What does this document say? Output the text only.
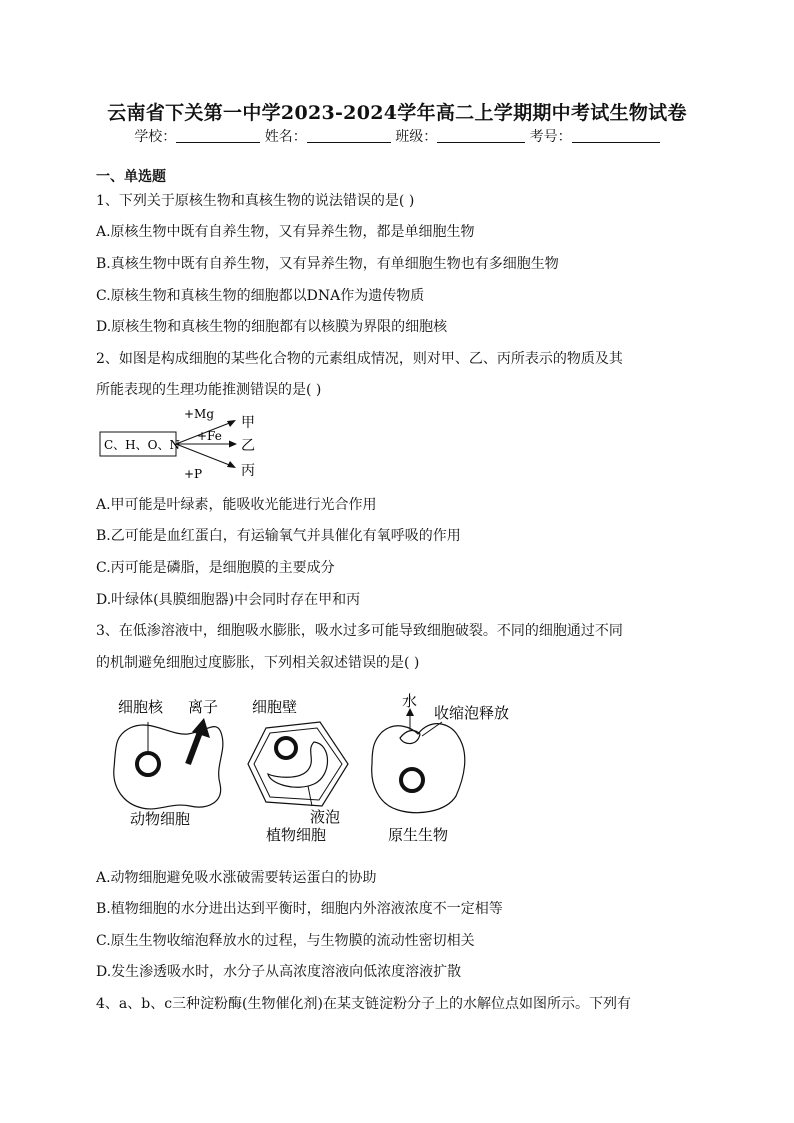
云南省下关第一中学2023-2024学年高二上学期期中考试生物试卷
学校：	姓名：	班级：	考号：
一、单选题
1、下列关于原核生物和真核生物的说法错误的是( )
A.原核生物中既有自养生物，又有异养生物，都是单细胞生物
B.真核生物中既有自养生物，又有异养生物，有单细胞生物也有多细胞生物
C.原核生物和真核生物的细胞都以DNA作为遗传物质
D.原核生物和真核生物的细胞都有以核膜为界限的细胞核
2、如图是构成细胞的某些化合物的元素组成情况，则对甲、乙、丙所表示的物质及其
所能表现的生理功能推测错误的是( )
C、H、O、N
+Mg
+Fe
+P
甲
乙
丙
A.甲可能是叶绿素，能吸收光能进行光合作用
B.乙可能是血红蛋白，有运输氧气并具催化有氧呼吸的作用
C.丙可能是磷脂，是细胞膜的主要成分
D.叶绿体(具膜细胞器)中会同时存在甲和丙
3、在低渗溶液中，细胞吸水膨胀，吸水过多可能导致细胞破裂。不同的细胞通过不同
的机制避免细胞过度膨胀，下列相关叙述错误的是( )
细胞核 离子
动物细胞
细胞壁
液泡
植物细胞
水
收缩泡释放
原生生物
A.动物细胞避免吸水涨破需要转运蛋白的协助
B.植物细胞的水分进出达到平衡时，细胞内外溶液浓度不一定相等
C.原生生物收缩泡释放水的过程，与生物膜的流动性密切相关
D.发生渗透吸水时，水分子从高浓度溶液向低浓度溶液扩散
4、a、b、c三种淀粉酶(生物催化剂)在某支链淀粉分子上的水解位点如图所示。下列有
